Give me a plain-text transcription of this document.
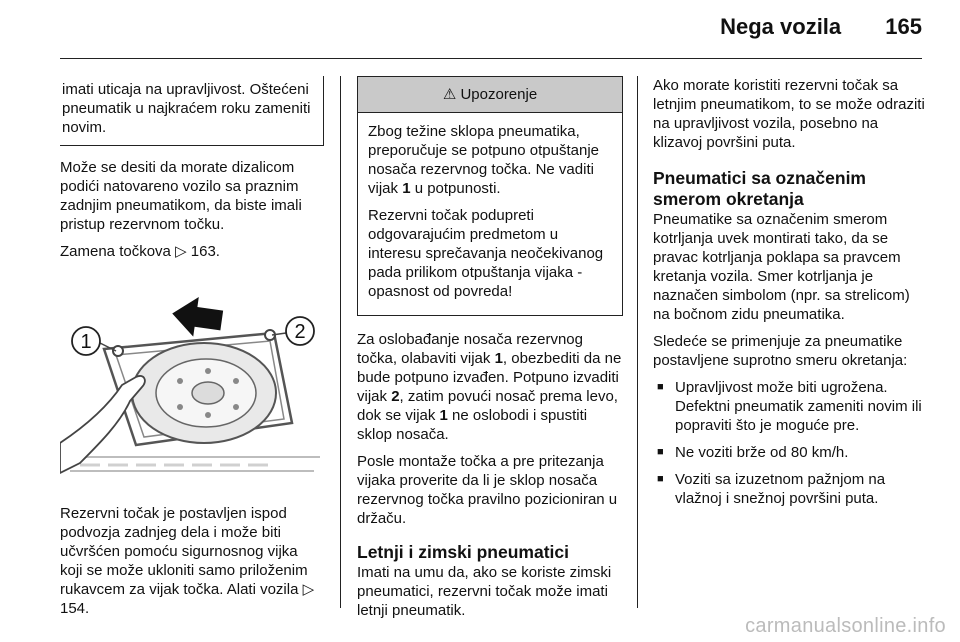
Nega vozila 165
imati uticaja na upravljivost. Oštećeni pneumatik u najkraćem roku zameniti novim.

Može se desiti da morate dizalicom podići natovareno vozilo sa praznim zadnjim pneumatikom, da biste imali pristup rezervnom točku.

Zamena točkova ▷ 163.

1	2

Rezervni točak je postavljen ispod podvozja zadnjeg dela i može biti učvršćen pomoću sigurnosnog vijka koji se može ukloniti samo priloženim rukavcem za vijak točka. Alati vozila ▷ 154.

⚠ Upozorenje

Zbog težine sklopa pneumatika, preporučuje se potpuno otpuštanje nosača rezervnog točka. Ne vaditi vijak 1 u potpunosti.

Rezervni točak poduprеti odgovarajućim predmetom u interesu sprečavanja neočekivanog pada prilikom otpuštanja vijaka - opasnost od povreda!

Za oslobađanje nosača rezervnog točka, olabaviti vijak 1, obezbediti da ne bude potpuno izvađen. Potpuno izvaditi vijak 2, zatim povući nosač prema levo, dok se vijak 1 ne oslobodi i spustiti sklop nosača.

Posle montaže točka a pre pritezanja vijaka proverite da li je sklop nosača rezervnog točka pravilno pozicioniran u držaču.

Letnji i zimski pneumatici

Imati na umu da, ako se koriste zimski pneumatici, rezervni točak može imati letnji pneumatik.

Ako morate koristiti rezervni točak sa letnjim pneumatikom, to se može odraziti na upravljivost vozila, posebno na klizavoj površini puta.

Pneumatici sa označenim smerom okretanja

Pneumatike sa označenim smerom kotrljanja uvek montirati tako, da se pravac kotrljanja poklapa sa pravcem kretanja vozila. Smer kotrljanja je naznačen simbolom (npr. sa strelicom) na bočnom zidu pneumatika.

Sledeće se primenjuje za pneumatike postavljene suprotno smeru okretanja:

■ Upravljivost može biti ugrožena. Defektni pneumatik zameniti novim ili popraviti što je moguće pre.
■ Ne voziti brže od 80 km/h.
■ Voziti sa izuzetnom pažnjom na vlažnoj i snežnoj površini puta.
carmanualsonline.info
